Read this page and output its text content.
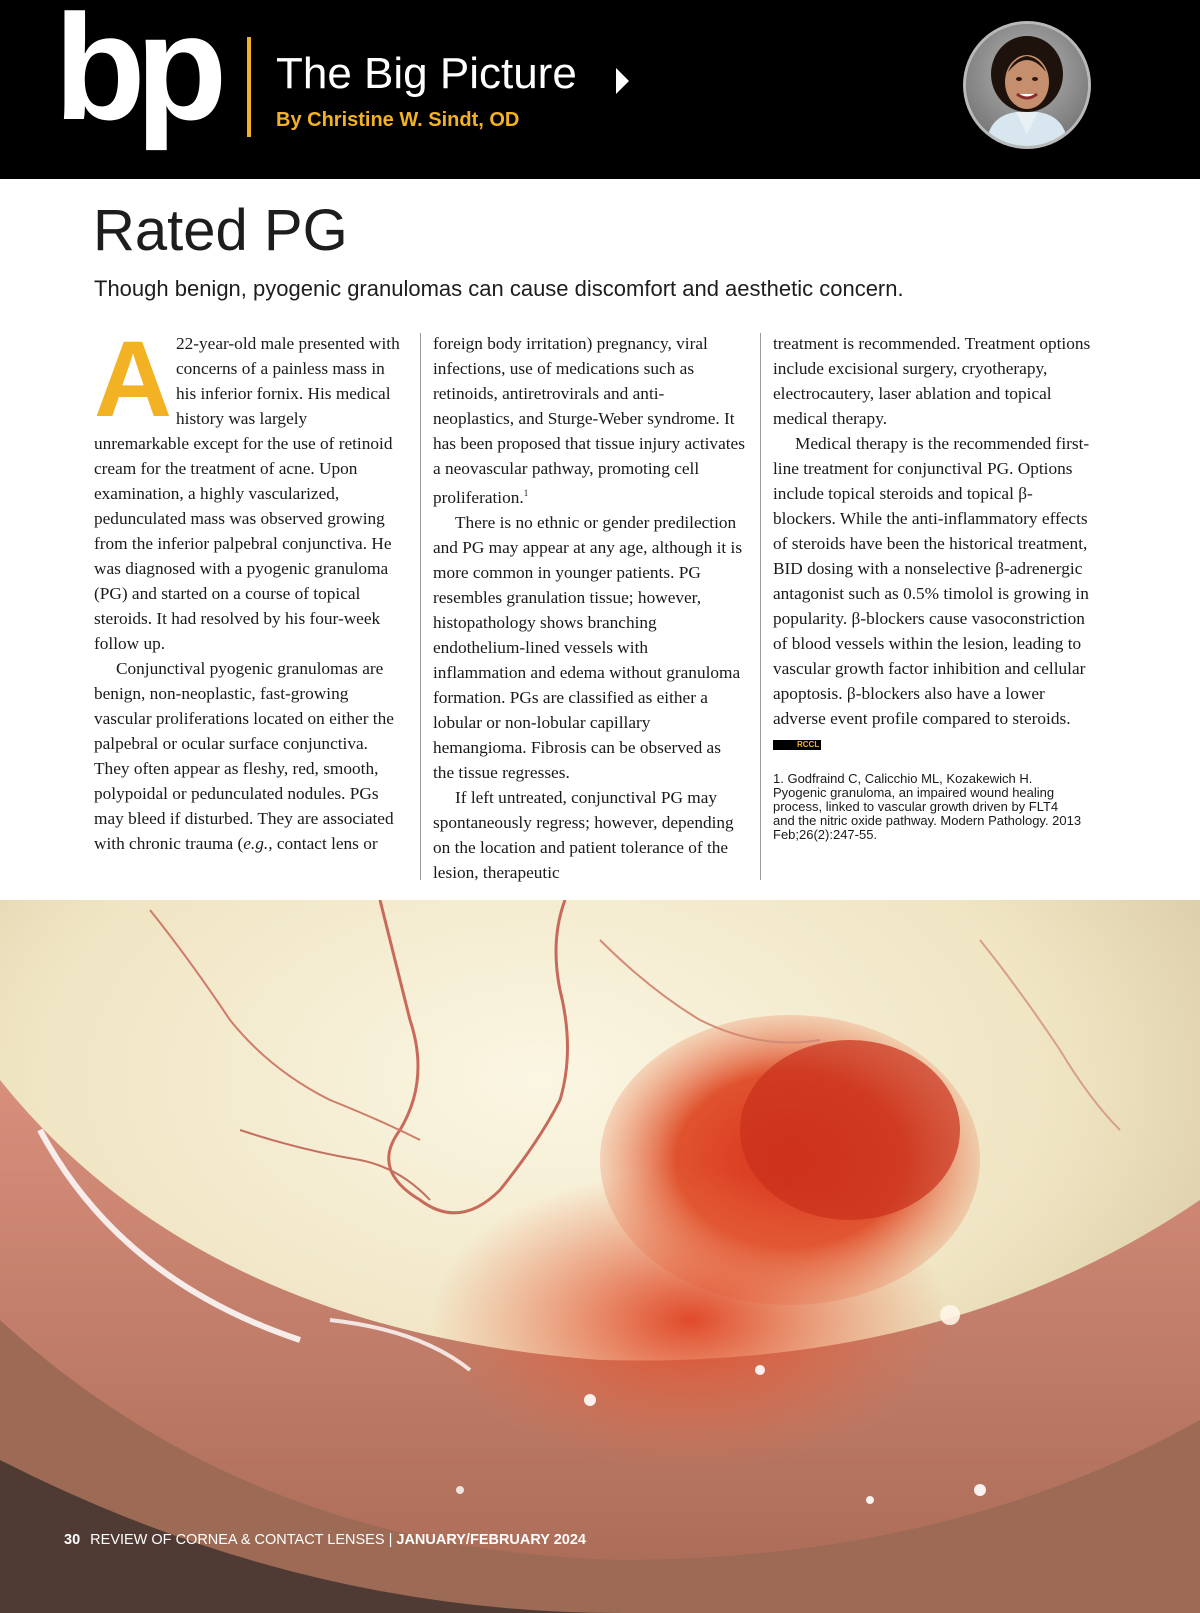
bp The Big Picture
By Christine W. Sindt, OD
Rated PG
Though benign, pyogenic granulomas can cause discomfort and aesthetic concern.

A 22-year-old male presented with concerns of a painless mass in his inferior fornix. His medical history was largely unremarkable except for the use of retinoid cream for the treatment of acne. Upon examination, a highly vascularized, pedunculated mass was observed growing from the inferior palpebral conjunctiva. He was diagnosed with a pyogenic granuloma (PG) and started on a course of topical steroids. It had resolved by his four-week follow up.

Conjunctival pyogenic granulomas are benign, non-neoplastic, fast-growing vascular proliferations located on either the palpebral or ocular surface conjunctiva. They often appear as fleshy, red, smooth, polypoidal or pedunculated nodules. PGs may bleed if disturbed. They are associated with chronic trauma (e.g., contact lens or

foreign body irritation) pregnancy, viral infections, use of medications such as retinoids, antiretrovirals and anti-neoplastics, and Sturge-Weber syndrome. It has been proposed that tissue injury activates a neovascular pathway, promoting cell proliferation.$^1$

There is no ethnic or gender predilection and PG may appear at any age, although it is more common in younger patients. PG resembles granulation tissue; however, histopathology shows branching endothelium-lined vessels with inflammation and edema without granuloma formation. PGs are classified as either a lobular or non-lobular capillary hemangioma. Fibrosis can be observed as the tissue regresses.

If left untreated, conjunctival PG may spontaneously regress; however, depending on the location and patient tolerance of the lesion, therapeutic

treatment is recommended. Treatment options include excisional surgery, cryotherapy, electrocautery, laser ablation and topical medical therapy.

Medical therapy is the recommended first-line treatment for conjunctival PG. Options include topical steroids and topical β-blockers. While the anti-inflammatory effects of steroids have been the historical treatment, BID dosing with a nonselective β-adrenergic antagonist such as 0.5% timolol is growing in popularity. β-blockers cause vasoconstriction of blood vessels within the lesion, leading to vascular growth factor inhibition and cellular apoptosis. β-blockers also have a lower adverse event profile compared to steroids. RCCL

1. Godfraind C, Calicchio ML, Kozakewich H. Pyogenic granuloma, an impaired wound healing process, linked to vascular growth driven by FLT4 and the nitric oxide pathway. Modern Pathology. 2013 Feb;26(2):247-55.
30 REVIEW OF CORNEA & CONTACT LENSES | JANUARY/FEBRUARY 2024
